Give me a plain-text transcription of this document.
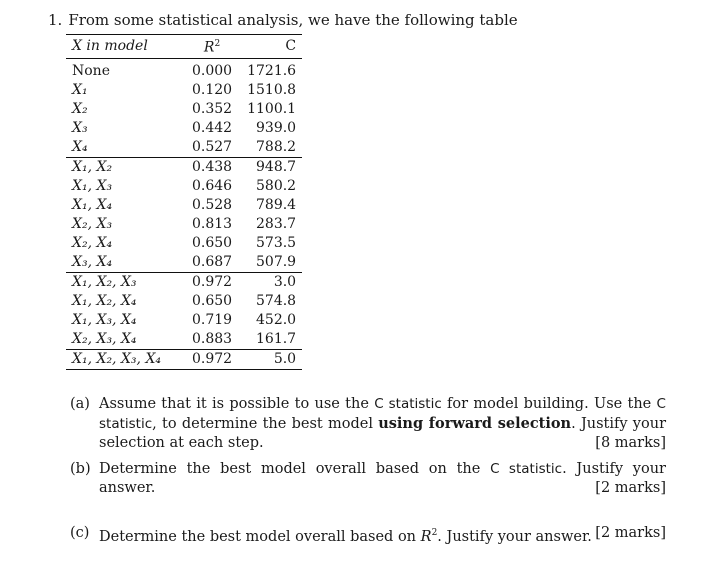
1. From some statistical analysis, we have the following table
X in model	$R^2$	C
None	0.000	1721.6
X₁	0.120	1510.8
X₂	0.352	1100.1
X₃	0.442	939.0
X₄	0.527	788.2
X₁, X₂	0.438	948.7
X₁, X₃	0.646	580.2
X₁, X₄	0.528	789.4
X₂, X₃	0.813	283.7
X₂, X₄	0.650	573.5
X₃, X₄	0.687	507.9
X₁, X₂, X₃	0.972	3.0
X₁, X₂, X₄	0.650	574.8
X₁, X₃, X₄	0.719	452.0
X₂, X₃, X₄	0.883	161.7
X₁, X₂, X₃, X₄	0.972	5.0
(a) Assume that it is possible to use the C statistic for model building. Use the C statistic, to determine the best model using forward selection. Justify your selection at each step.	[8 marks]
(b) Determine the best model overall based on the C statistic. Justify your answer.	[2 marks]
(c) Determine the best model overall based on $R^2$. Justify your answer. [2 marks]
